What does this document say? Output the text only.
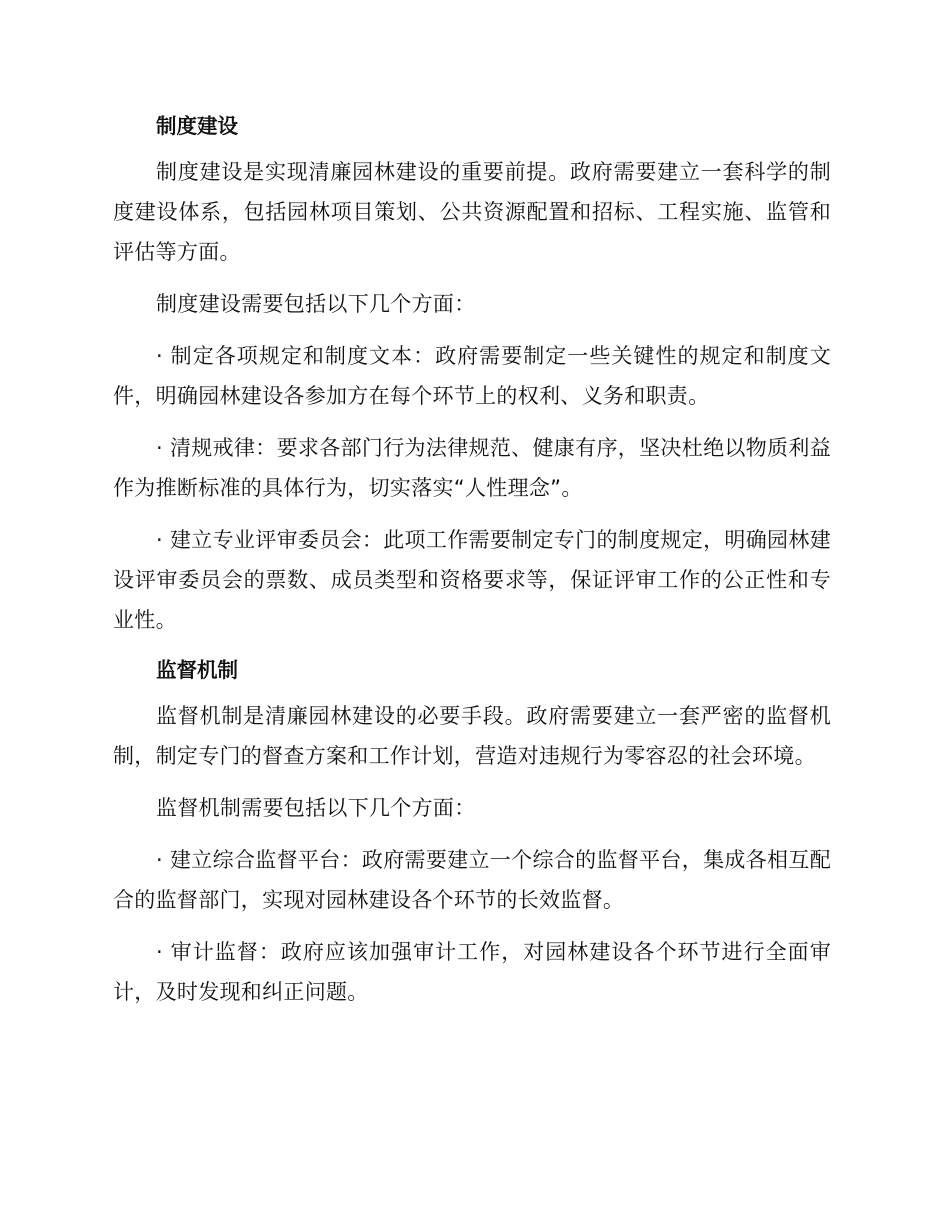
制度建设

制度建设是实现清廉园林建设的重要前提。政府需要建立一套科学的制度建设体系，包括园林项目策划、公共资源配置和招标、工程实施、监管和评估等方面。

制度建设需要包括以下几个方面：

· 制定各项规定和制度文本：政府需要制定一些关键性的规定和制度文件，明确园林建设各参加方在每个环节上的权利、义务和职责。

· 清规戒律：要求各部门行为法律规范、健康有序，坚决杜绝以物质利益作为推断标准的具体行为，切实落实“人性理念”。

· 建立专业评审委员会：此项工作需要制定专门的制度规定，明确园林建设评审委员会的票数、成员类型和资格要求等，保证评审工作的公正性和专业性。

监督机制

监督机制是清廉园林建设的必要手段。政府需要建立一套严密的监督机制，制定专门的督查方案和工作计划，营造对违规行为零容忍的社会环境。

监督机制需要包括以下几个方面：

· 建立综合监督平台：政府需要建立一个综合的监督平台，集成各相互配合的监督部门，实现对园林建设各个环节的长效监督。

· 审计监督：政府应该加强审计工作，对园林建设各个环节进行全面审计，及时发现和纠正问题。
